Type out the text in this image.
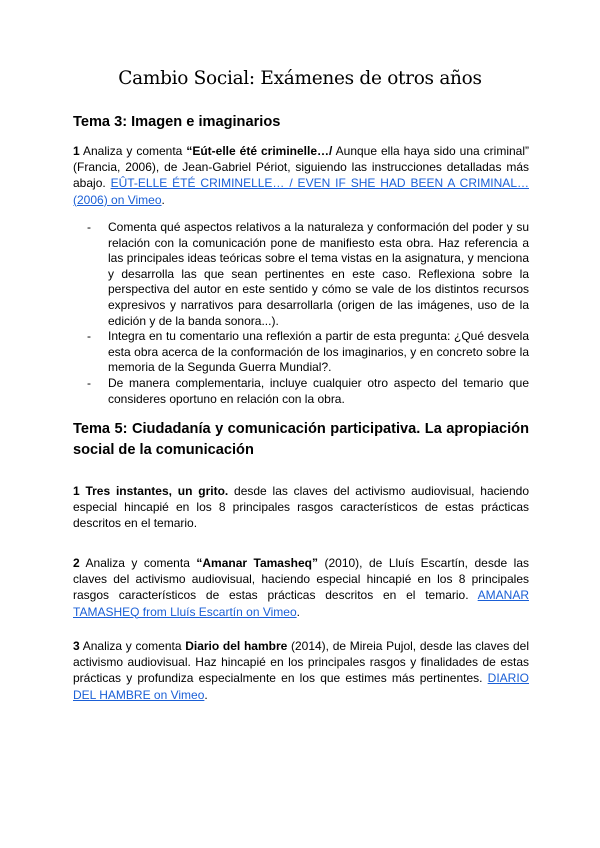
Cambio Social: Exámenes de otros años
Tema 3: Imagen e imaginarios

1 Analiza y comenta “Eút-elle été criminelle…/ Aunque ella haya sido una criminal” (Francia, 2006), de Jean-Gabriel Périot, siguiendo las instrucciones detalladas más abajo. EÛT-ELLE ÉTÉ CRIMINELLE… / EVEN IF SHE HAD BEEN A CRIMINAL… (2006) on Vimeo.

- Comenta qué aspectos relativos a la naturaleza y conformación del poder y su relación con la comunicación pone de manifiesto esta obra. Haz referencia a las principales ideas teóricas sobre el tema vistas en la asignatura, y menciona y desarrolla las que sean pertinentes en este caso. Reflexiona sobre la perspectiva del autor en este sentido y cómo se vale de los distintos recursos expresivos y narrativos para desarrollarla (origen de las imágenes, uso de la edición y de la banda sonora...).
- Integra en tu comentario una reflexión a partir de esta pregunta: ¿Qué desvela esta obra acerca de la conformación de los imaginarios, y en concreto sobre la memoria de la Segunda Guerra Mundial?.
- De manera complementaria, incluye cualquier otro aspecto del temario que consideres oportuno en relación con la obra.
Tema 5: Ciudadanía y comunicación participativa. La apropiación social de la comunicación

1 Tres instantes, un grito. desde las claves del activismo audiovisual, haciendo especial hincapié en los 8 principales rasgos característicos de estas prácticas descritos en el temario.

2 Analiza y comenta “Amanar Tamasheq” (2010), de Lluís Escartín, desde las claves del activismo audiovisual, haciendo especial hincapié en los 8 principales rasgos característicos de estas prácticas descritos en el temario. AMANAR TAMASHEQ from Lluís Escartín on Vimeo.

3 Analiza y comenta Diario del hambre (2014), de Mireia Pujol, desde las claves del activismo audiovisual. Haz hincapié en los principales rasgos y finalidades de estas prácticas y profundiza especialmente en los que estimes más pertinentes. DIARIO DEL HAMBRE on Vimeo.
